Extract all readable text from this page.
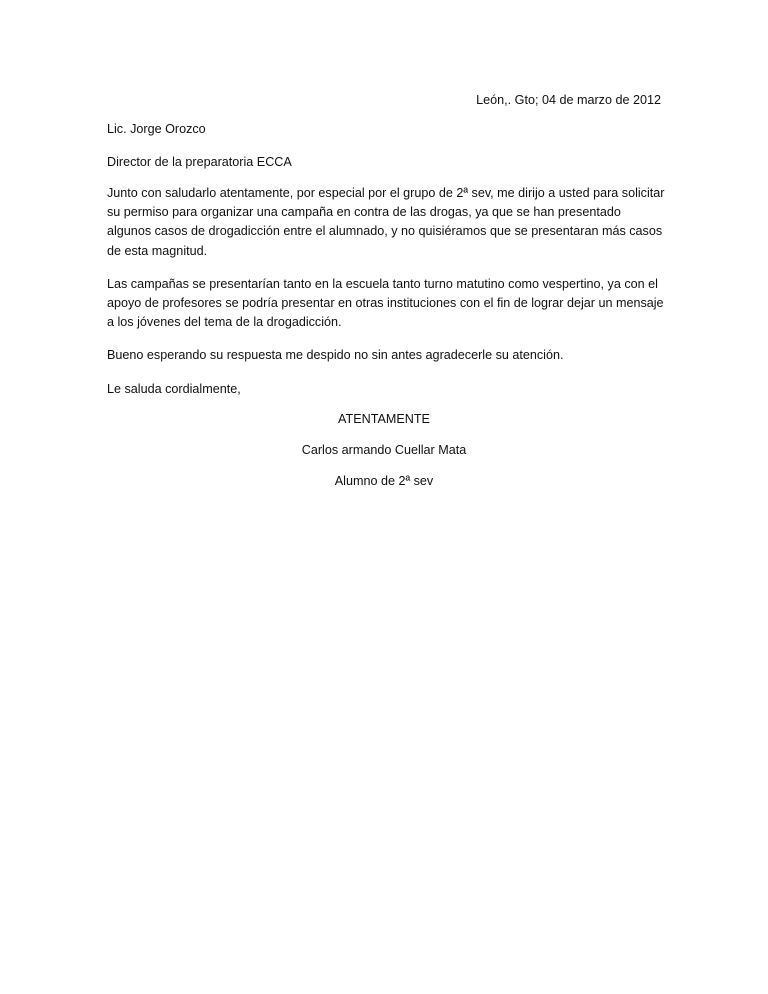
León,. Gto; 04 de marzo de 2012
Lic. Jorge Orozco
Director de la preparatoria ECCA
Junto con saludarlo atentamente, por especial por el grupo de 2ª sev, me dirijo a usted para solicitar su permiso para organizar una campaña en contra de las drogas, ya que se han presentado algunos casos de drogadicción entre el alumnado, y no quisiéramos que se presentaran más casos de esta magnitud.
Las campañas se presentarían tanto en la escuela tanto turno matutino como vespertino, ya con el apoyo de profesores se podría presentar en otras instituciones con el fin de lograr dejar un mensaje a los jóvenes del tema de la drogadicción.
Bueno esperando su respuesta me despido no sin antes agradecerle su atención.
Le saluda cordialmente,
ATENTAMENTE
Carlos armando Cuellar Mata
Alumno de 2ª sev
